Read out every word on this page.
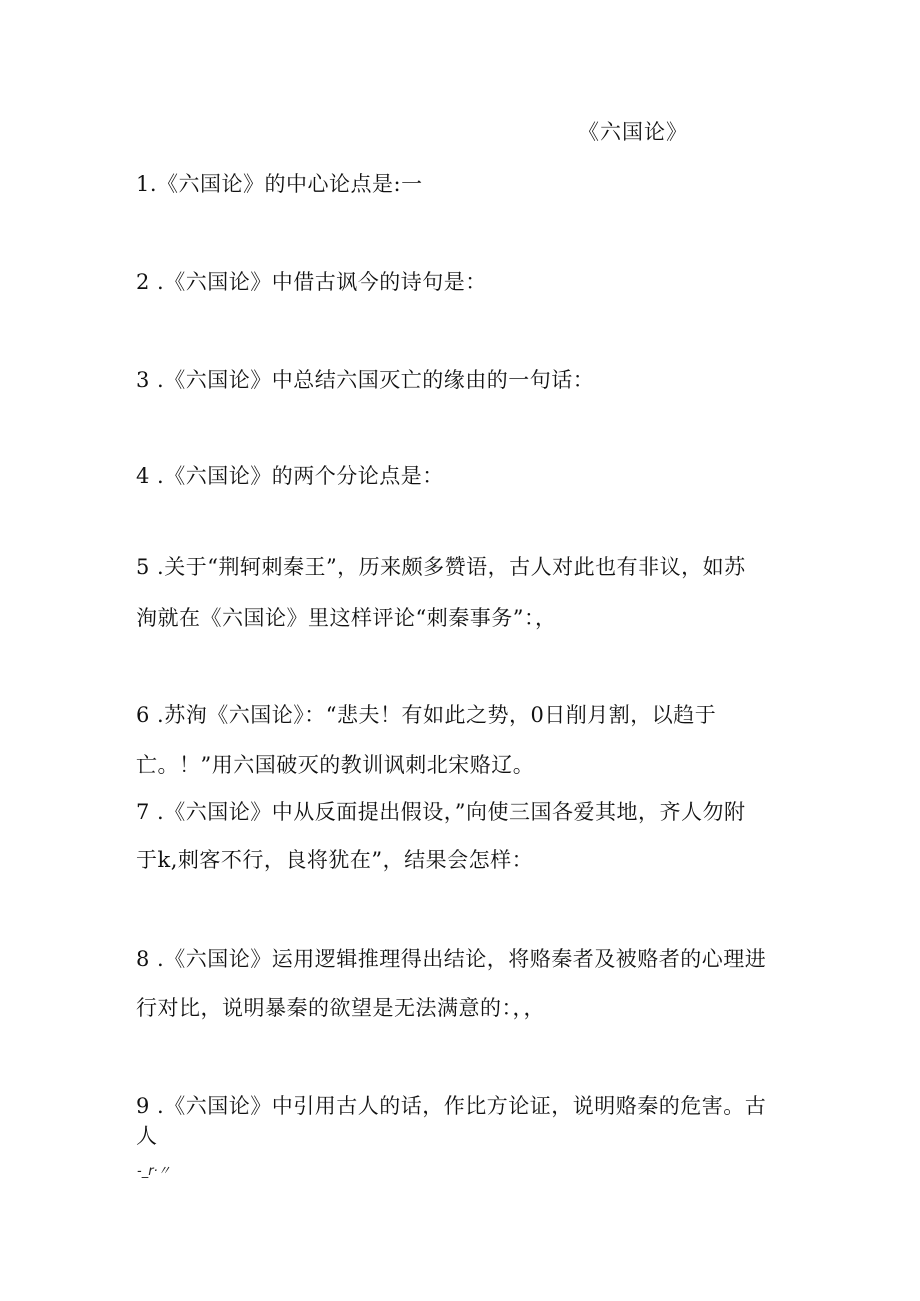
《六国论》
1.《六国论》的中心论点是:一
2 .《六国论》中借古讽今的诗句是：
3 .《六国论》中总结六国灭亡的缘由的一句话：
4 .《六国论》的两个分论点是：
5 .关于“荆轲刺秦王”，历来颇多赞语，古人对此也有非议，如苏
洵就在《六国论》里这样评论“刺秦事务”：，
6 .苏洵《六国论》：“悲夫！有如此之势，0日削月割，以趋于
亡。！”用六国破灭的教训讽刺北宋赂辽。
7 .《六国论》中从反面提出假设，”向使三国各爱其地，齐人勿附
于k,刺客不行，良将犹在”，结果会怎样：
8 .《六国论》运用逻辑推理得出结论，将赂秦者及被赂者的心理进
行对比，说明暴秦的欲望是无法满意的：，，
9 .《六国论》中引用古人的话，作比方论证，说明赂秦的危害。古
人
-_r·〃
